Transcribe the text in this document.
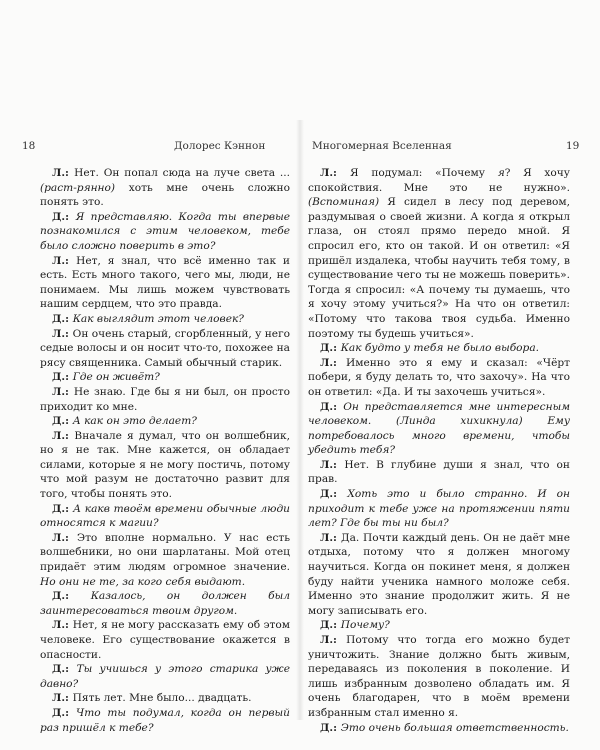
18	Долорес Кэннон

Л.: Нет. Он попал сюда на луче света ... (раст-рянно) хоть мне очень сложно понять это.

Д.: Я представляю. Когда ты впервые познакомился с этим человеком, тебе было сложно поверить в это?

Л.: Нет, я знал, что всё именно так и есть. Есть много такого, чего мы, люди, не понимаем. Мы лишь можем чувствовать нашим сердцем, что это правда.

Д.: Как выглядит этот человек?

Л.: Он очень старый, сгорбленный, у него седые волосы и он носит что-то, похожее на рясу священника. Самый обычный старик.

Д.: Где он живёт?

Л.: Не знаю. Где бы я ни был, он просто приходит ко мне.

Д.: А как он это делает?

Л.: Вначале я думал, что он волшебник, но я не так. Мне кажется, он обладает силами, которые я не могу постичь, потому что мой разум не достаточно развит для того, чтобы понять это.

Д.: А какв твоём времени обычные люди относятся к магии?

Л.: Это вполне нормально. У нас есть волшебники, но они шарлатаны. Мой отец придаёт этим людям огромное значение. Но они не те, за кого себя выдают.

Д.: Казалось, он должен был заинтересоваться твоим другом.

Л.: Нет, я не могу рассказать ему об этом человеке. Его существование окажется в опасности.

Д.: Ты учишься у этого старика уже давно?

Л.: Пять лет. Мне было... двадцать.

Д.: Что ты подумал, когда он первый раз пришёл к тебе?

Многомерная Вселенная	19

Л.: Я подумал: «Почему я? Я хочу спокойствия. Мне это не нужно». (Вспоминая) Я сидел в лесу под деревом, раздумывая о своей жизни. А когда я открыл глаза, он стоял прямо передо мной. Я спросил его, кто он такой. И он ответил: «Я пришёл издалека, чтобы научить тебя тому, в существование чего ты не можешь поверить». Тогда я спросил: «А почему ты думаешь, что я хочу этому учиться?» На что он ответил: «Потому что такова твоя судьба. Именно поэтому ты будешь учиться».

Д.: Как будто у тебя не было выбора.

Л.: Именно это я ему и сказал: «Чёрт побери, я буду делать то, что захочу». На что он ответил: «Да. И ты захочешь учиться».

Д.: Он представляется мне интересным человеком. (Линда хихикнула) Ему потребовалось много времени, чтобы убедить тебя?

Л.: Нет. В глубине души я знал, что он прав.

Д.: Хоть это и было странно. И он приходит к тебе уже на протяжении пяти лет? Где бы ты ни был?

Л.: Да. Почти каждый день. Он не даёт мне отдыха, потому что я должен многому научиться. Когда он покинет меня, я должен буду найти ученика намного моложе себя. Именно это знание продолжит жить. Я не могу записывать его.

Д.: Почему?

Л.: Потому что тогда его можно будет уничтожить. Знание должно быть живым, передаваясь из поколения в поколение. И лишь избранным дозволено обладать им. Я очень благодарен, что в моём времени избранным стал именно я.

Д.: Это очень большая ответственность.
